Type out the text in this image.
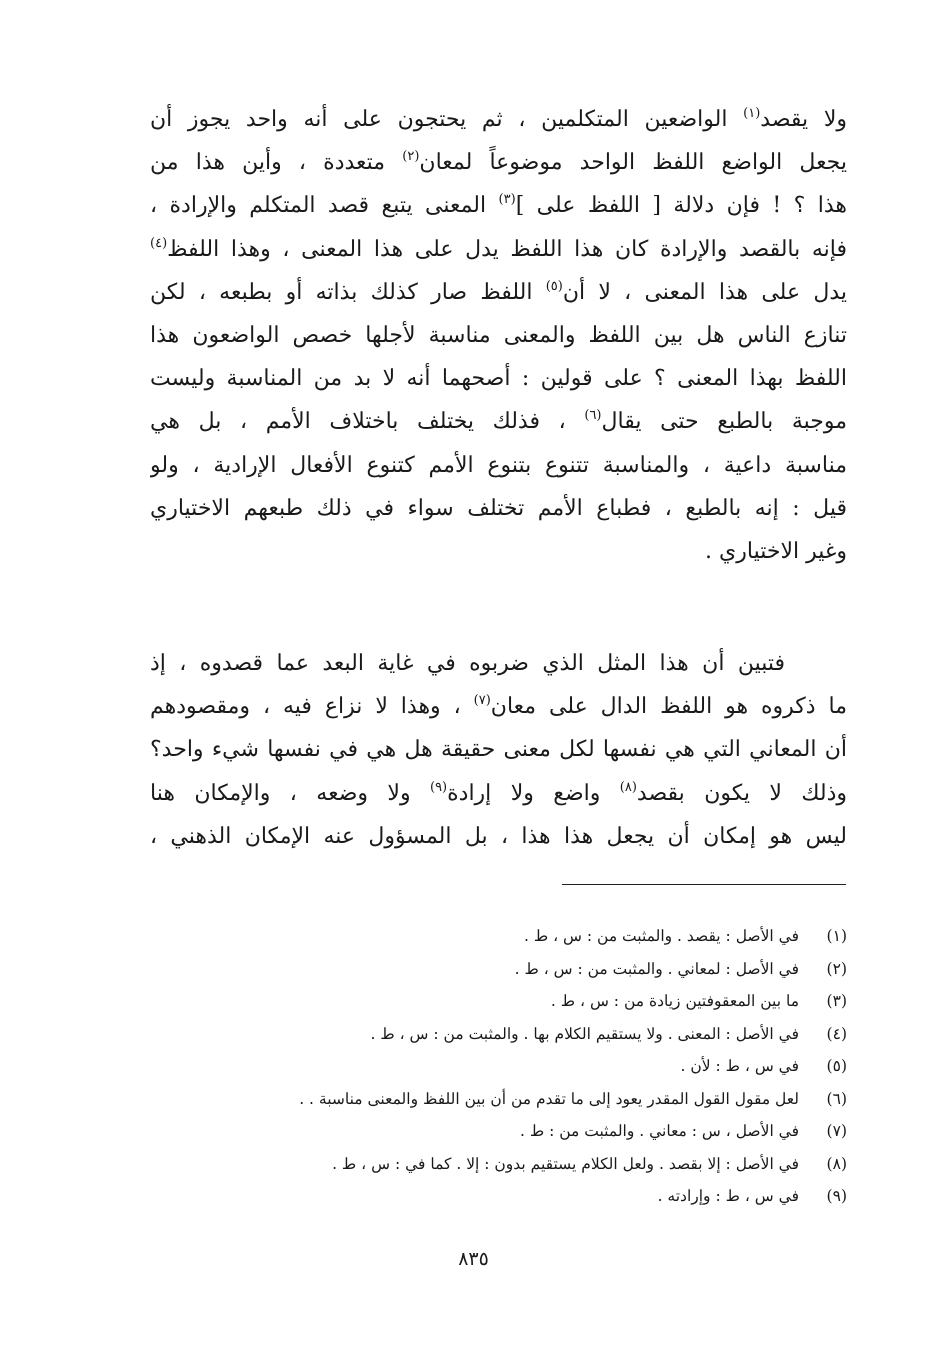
ولا يقصد$^{(١)}$ الواضعين المتكلمين ، ثم يحتجون على أنه واحد يجوز أن
يجعل الواضع اللفظ الواحد موضوعاً لمعان$^{(٢)}$ متعددة ، وأين هذا من
هذا ؟ ! فإن دلالة [ اللفظ على ]$^{(٣)}$ المعنى يتبع قصد المتكلم والإرادة ،
فإنه بالقصد والإرادة كان هذا اللفظ يدل على هذا المعنى ، وهذا اللفظ$^{(٤)}$
يدل على هذا المعنى ، لا أن$^{(٥)}$ اللفظ صار كذلك بذاته أو بطبعه ، لكن
تنازع الناس هل بين اللفظ والمعنى مناسبة لأجلها خصص الواضعون هذا
اللفظ بهذا المعنى ؟ على قولين : أصحهما أنه لا بد من المناسبة وليست
موجبة بالطبع حتى يقال$^{(٦)}$ ، فذلك يختلف باختلاف الأمم ، بل هي
مناسبة داعية ، والمناسبة تتنوع بتنوع الأمم كتنوع الأفعال الإرادية ، ولو
قيل : إنه بالطبع ، فطباع الأمم تختلف سواء في ذلك طبعهم الاختياري
وغير الاختياري .
فتبين أن هذا المثل الذي ضربوه في غاية البعد عما قصدوه ، إذ
ما ذكروه هو اللفظ الدال على معان$^{(٧)}$ ، وهذا لا نزاع فيه ، ومقصودهم
أن المعاني التي هي نفسها لكل معنى حقيقة هل هي في نفسها شيء واحد؟
وذلك لا يكون بقصد$^{(٨)}$ واضع ولا إرادة$^{(٩)}$ ولا وضعه ، والإمكان هنا
ليس هو إمكان أن يجعل هذا هذا ، بل المسؤول عنه الإمكان الذهني ،
(١)
في الأصل : يقصد . والمثبت من : س ، ط .
(٢)
في الأصل : لمعاني . والمثبت من : س ، ط .
(٣)
ما بين المعقوفتين زيادة من : س ، ط .
(٤)
في الأصل : المعنى . ولا يستقيم الكلام بها . والمثبت من : س ، ط .
(٥)
في س ، ط : لأن .
(٦)
لعل مقول القول المقدر يعود إلى ما تقدم من أن بين اللفظ والمعنى مناسبة . .
(٧)
في الأصل ، س : معاني . والمثبت من : ط .
(٨)
في الأصل : إلا بقصد . ولعل الكلام يستقيم بدون : إلا . كما في : س ، ط .
(٩)
في س ، ط : وإرادته .
٨٣٥
